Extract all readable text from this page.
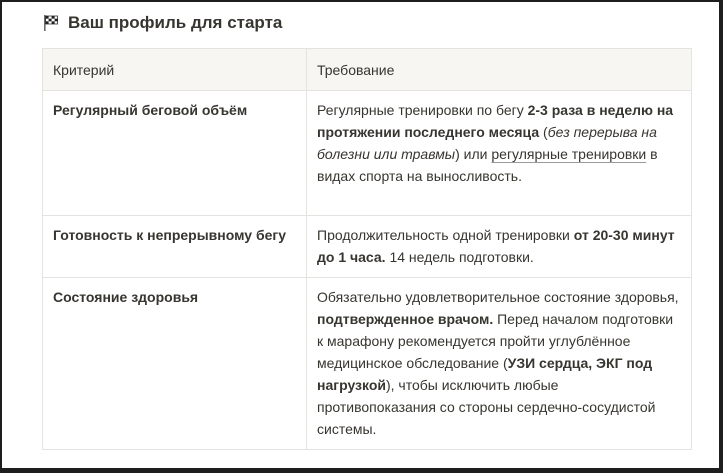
Ваш профиль для старта
Критерий	Требование
Регулярный беговой объём	Регулярные тренировки по бегу 2-3 раза в неделю на протяжении последнего месяца (без перерыва на болезни или травмы) или регулярные тренировки в видах спорта на выносливость.
Готовность к непрерывному бегу	Продолжительность одной тренировки от 20-30 минут до 1 часа. 14 недель подготовки.
Состояние здоровья	Обязательно удовлетворительное состояние здоровья, подтвержденное врачом. Перед началом подготовки к марафону рекомендуется пройти углублённое медицинское обследование (УЗИ сердца, ЭКГ под нагрузкой), чтобы исключить любые противопоказания со стороны сердечно-сосудистой системы.
